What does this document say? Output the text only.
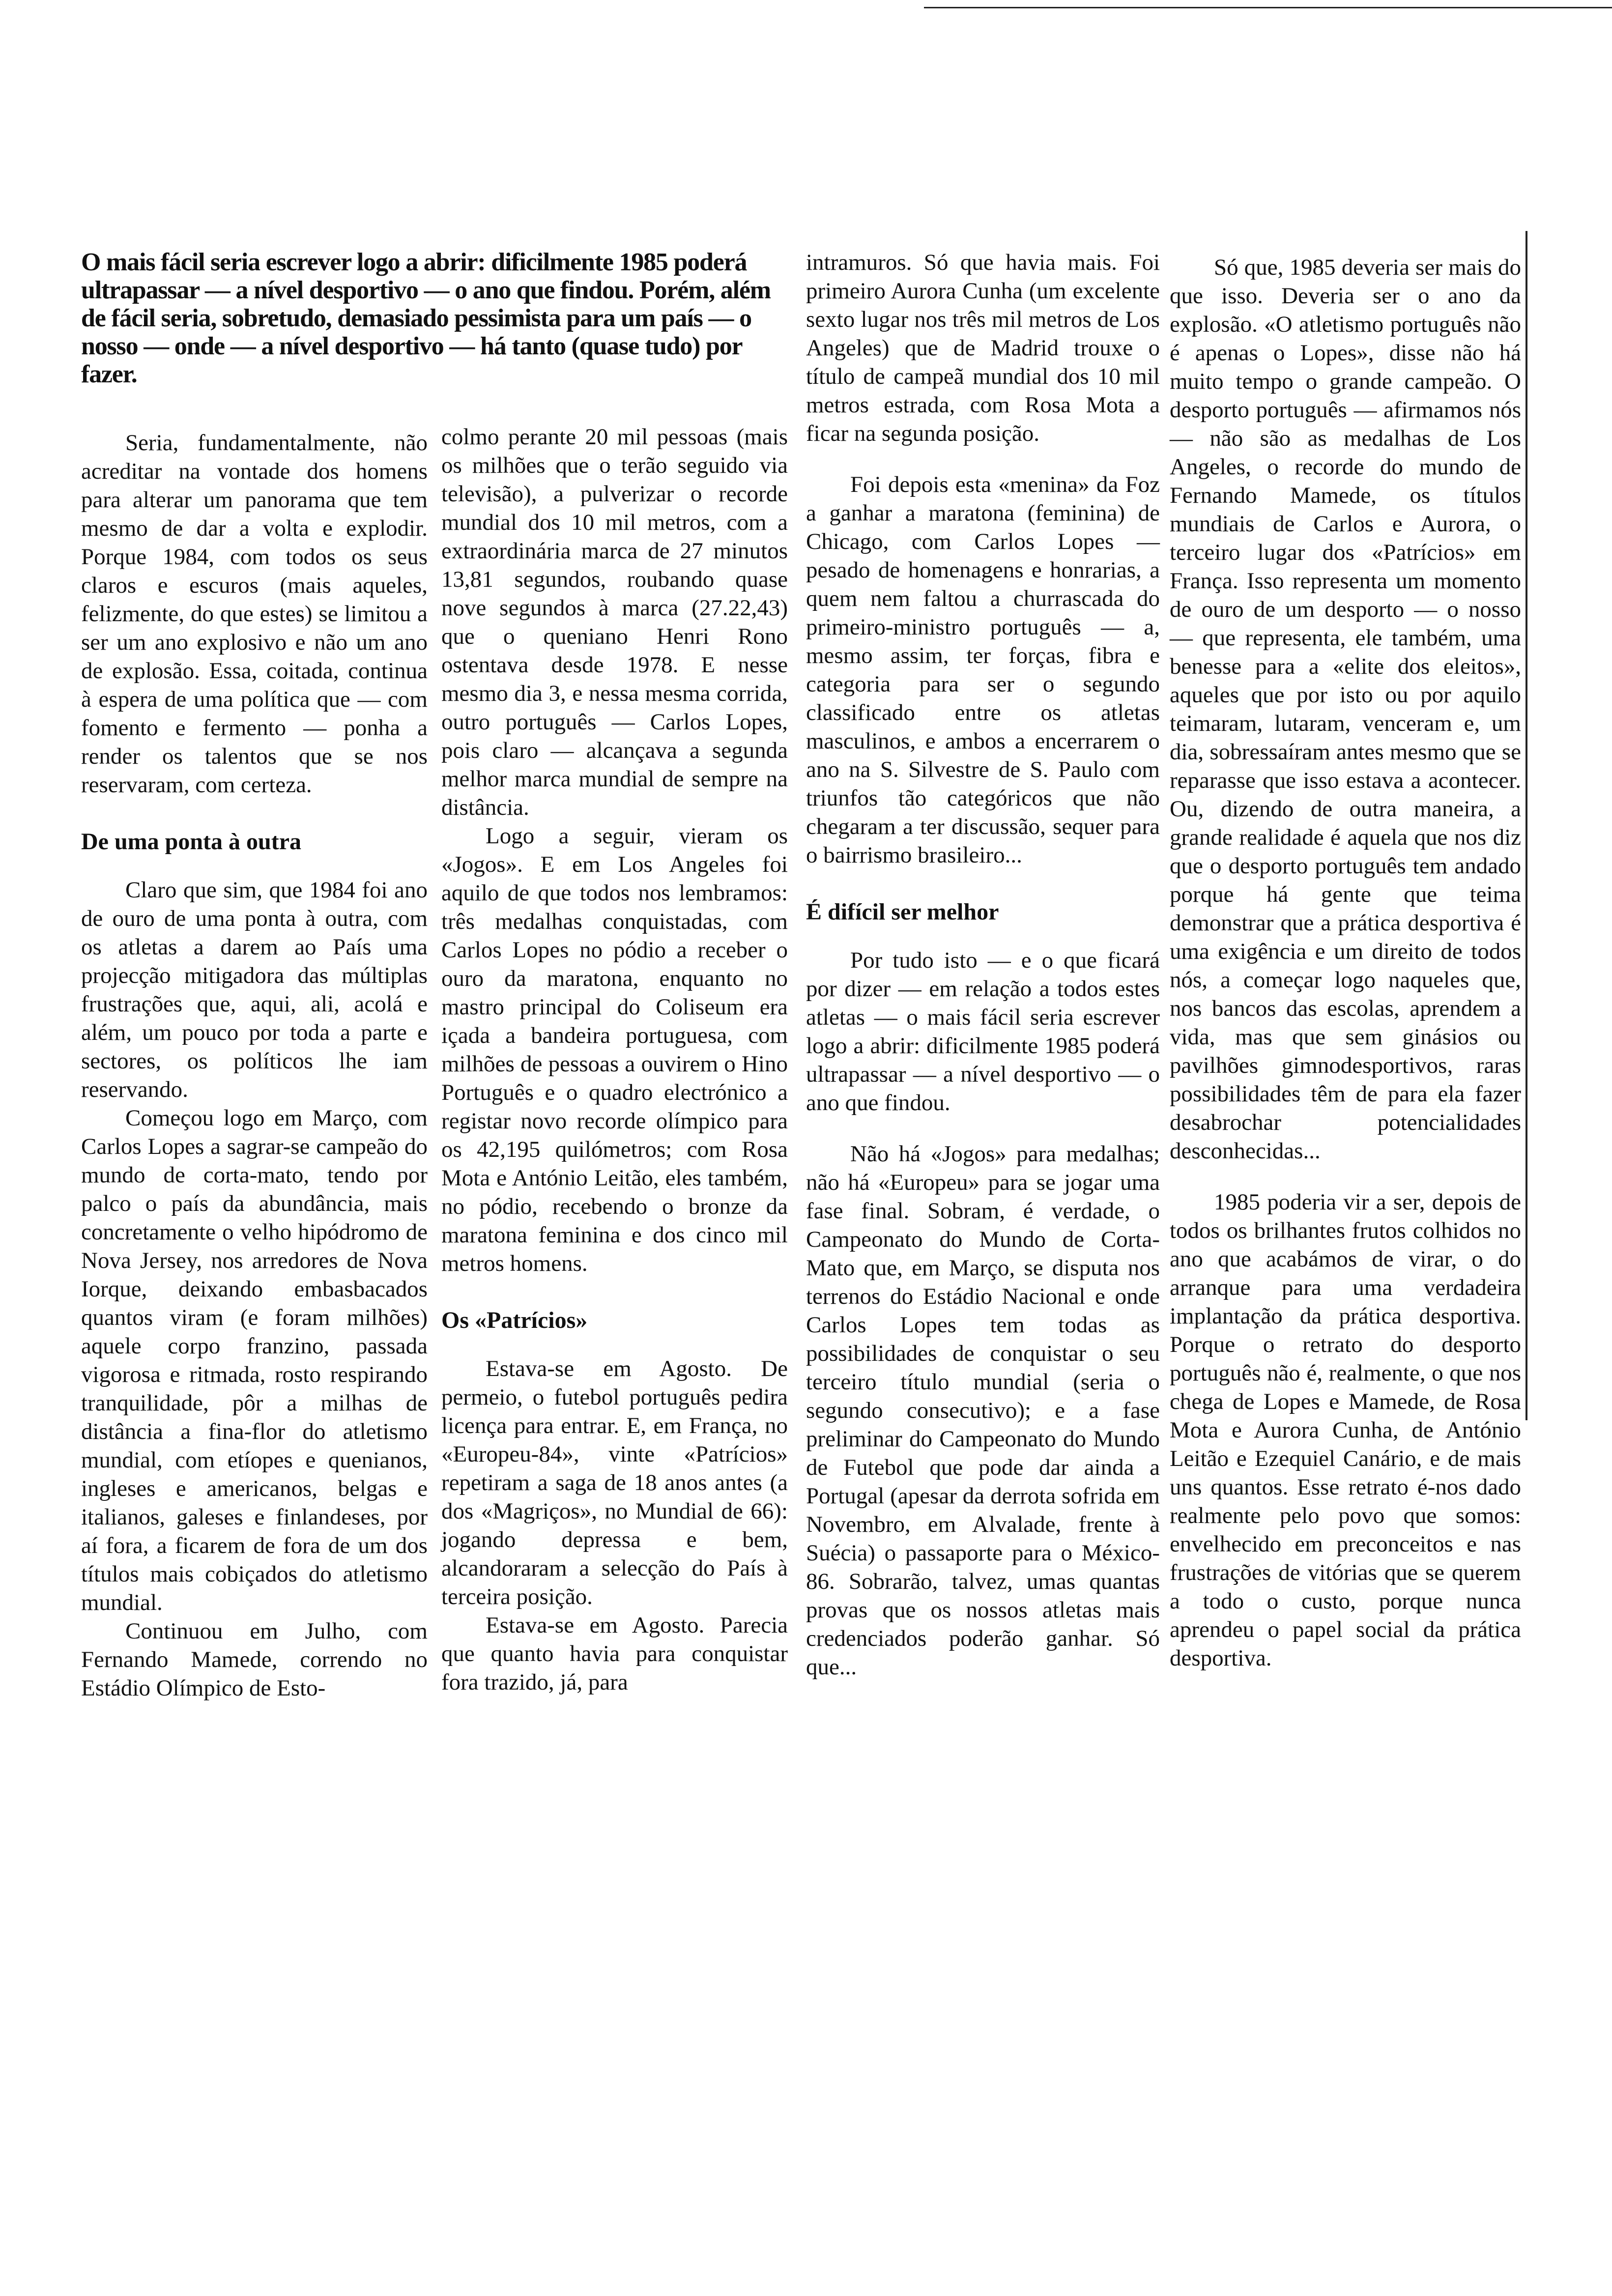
O mais fácil seria escrever logo a abrir: dificilmente 1985 poderá ultrapassar — a nível desportivo — o ano que findou. Porém, além de fácil seria, sobretudo, demasiado pessimista para um país — o nosso — onde — a nível desportivo — há tanto (quase tudo) por fazer.

Seria, fundamentalmente, não acreditar na vontade dos homens para alterar um panorama que tem mesmo de dar a volta e explodir. Porque 1984, com todos os seus claros e escuros (mais aqueles, felizmente, do que estes) se limitou a ser um ano explosivo e não um ano de explosão. Essa, coitada, continua à espera de uma política que — com fomento e fermento — ponha a render os talentos que se nos reservaram, com certeza.

De uma ponta à outra

Claro que sim, que 1984 foi ano de ouro de uma ponta à outra, com os atletas a darem ao País uma projecção mitigadora das múltiplas frustrações que, aqui, ali, acolá e além, um pouco por toda a parte e sectores, os políticos lhe iam reservando.

Começou logo em Março, com Carlos Lopes a sagrar-se campeão do mundo de corta-mato, tendo por palco o país da abundância, mais concretamente o velho hipódromo de Nova Jersey, nos arredores de Nova Iorque, deixando embasbacados quantos viram (e foram milhões) aquele corpo franzino, passada vigorosa e ritmada, rosto respirando tranquilidade, pôr a milhas de distância a fina-flor do atletismo mundial, com etíopes e quenianos, ingleses e americanos, belgas e italianos, galeses e finlandeses, por aí fora, a ficarem de fora de um dos títulos mais cobiçados do atletismo mundial.

Continuou em Julho, com Fernando Mamede, correndo no Estádio Olímpico de Esto-

colmo perante 20 mil pessoas (mais os milhões que o terão seguido via televisão), a pulverizar o recorde mundial dos 10 mil metros, com a extraordinária marca de 27 minutos 13,81 segundos, roubando quase nove segundos à marca (27.22,43) que o queniano Henri Rono ostentava desde 1978. E nesse mesmo dia 3, e nessa mesma corrida, outro português — Carlos Lopes, pois claro — alcançava a segunda melhor marca mundial de sempre na distância.

Logo a seguir, vieram os «Jogos». E em Los Angeles foi aquilo de que todos nos lembramos: três medalhas conquistadas, com Carlos Lopes no pódio a receber o ouro da maratona, enquanto no mastro principal do Coliseum era içada a bandeira portuguesa, com milhões de pessoas a ouvirem o Hino Português e o quadro electrónico a registar novo recorde olímpico para os 42,195 quilómetros; com Rosa Mota e António Leitão, eles também, no pódio, recebendo o bronze da maratona feminina e dos cinco mil metros homens.

Os «Patrícios»

Estava-se em Agosto. De permeio, o futebol português pedira licença para entrar. E, em França, no «Europeu-84», vinte «Patrícios» repetiram a saga de 18 anos antes (a dos «Magriços», no Mundial de 66): jogando depressa e bem, alcandoraram a selecção do País à terceira posição.

Estava-se em Agosto. Parecia que quanto havia para conquistar fora trazido, já, para

intramuros. Só que havia mais. Foi primeiro Aurora Cunha (um excelente sexto lugar nos três mil metros de Los Angeles) que de Madrid trouxe o título de campeã mundial dos 10 mil metros estrada, com Rosa Mota a ficar na segunda posição.

Foi depois esta «menina» da Foz a ganhar a maratona (feminina) de Chicago, com Carlos Lopes — pesado de homenagens e honrarias, a quem nem faltou a churrascada do primeiro-ministro português — a, mesmo assim, ter forças, fibra e categoria para ser o segundo classificado entre os atletas masculinos, e ambos a encerrarem o ano na S. Silvestre de S. Paulo com triunfos tão categóricos que não chegaram a ter discussão, sequer para o bairrismo brasileiro...

É difícil ser melhor

Por tudo isto — e o que ficará por dizer — em relação a todos estes atletas — o mais fácil seria escrever logo a abrir: dificilmente 1985 poderá ultrapassar — a nível desportivo — o ano que findou.

Não há «Jogos» para medalhas; não há «Europeu» para se jogar uma fase final. Sobram, é verdade, o Campeonato do Mundo de Corta-Mato que, em Março, se disputa nos terrenos do Estádio Nacional e onde Carlos Lopes tem todas as possibilidades de conquistar o seu terceiro título mundial (seria o segundo consecutivo); e a fase preliminar do Campeonato do Mundo de Futebol que pode dar ainda a Portugal (apesar da derrota sofrida em Novembro, em Alvalade, frente à Suécia) o passaporte para o México-86. Sobrarão, talvez, umas quantas provas que os nossos atletas mais credenciados poderão ganhar. Só que...

Só que, 1985 deveria ser mais do que isso. Deveria ser o ano da explosão. «O atletismo português não é apenas o Lopes», disse não há muito tempo o grande campeão. O desporto português — afirmamos nós — não são as medalhas de Los Angeles, o recorde do mundo de Fernando Mamede, os títulos mundiais de Carlos e Aurora, o terceiro lugar dos «Patrícios» em França. Isso representa um momento de ouro de um desporto — o nosso — que representa, ele também, uma benesse para a «elite dos eleitos», aqueles que por isto ou por aquilo teimaram, lutaram, venceram e, um dia, sobressaíram antes mesmo que se reparasse que isso estava a acontecer. Ou, dizendo de outra maneira, a grande realidade é aquela que nos diz que o desporto português tem andado porque há gente que teima demonstrar que a prática desportiva é uma exigência e um direito de todos nós, a começar logo naqueles que, nos bancos das escolas, aprendem a vida, mas que sem ginásios ou pavilhões gimnodesportivos, raras possibilidades têm de para ela fazer desabrochar potencialidades desconhecidas...

1985 poderia vir a ser, depois de todos os brilhantes frutos colhidos no ano que acabámos de virar, o do arranque para uma verdadeira implantação da prática desportiva. Porque o retrato do desporto português não é, realmente, o que nos chega de Lopes e Mamede, de Rosa Mota e Aurora Cunha, de António Leitão e Ezequiel Canário, e de mais uns quantos. Esse retrato é-nos dado realmente pelo povo que somos: envelhecido em preconceitos e nas frustrações de vitórias que se querem a todo o custo, porque nunca aprendeu o papel social da prática desportiva.
